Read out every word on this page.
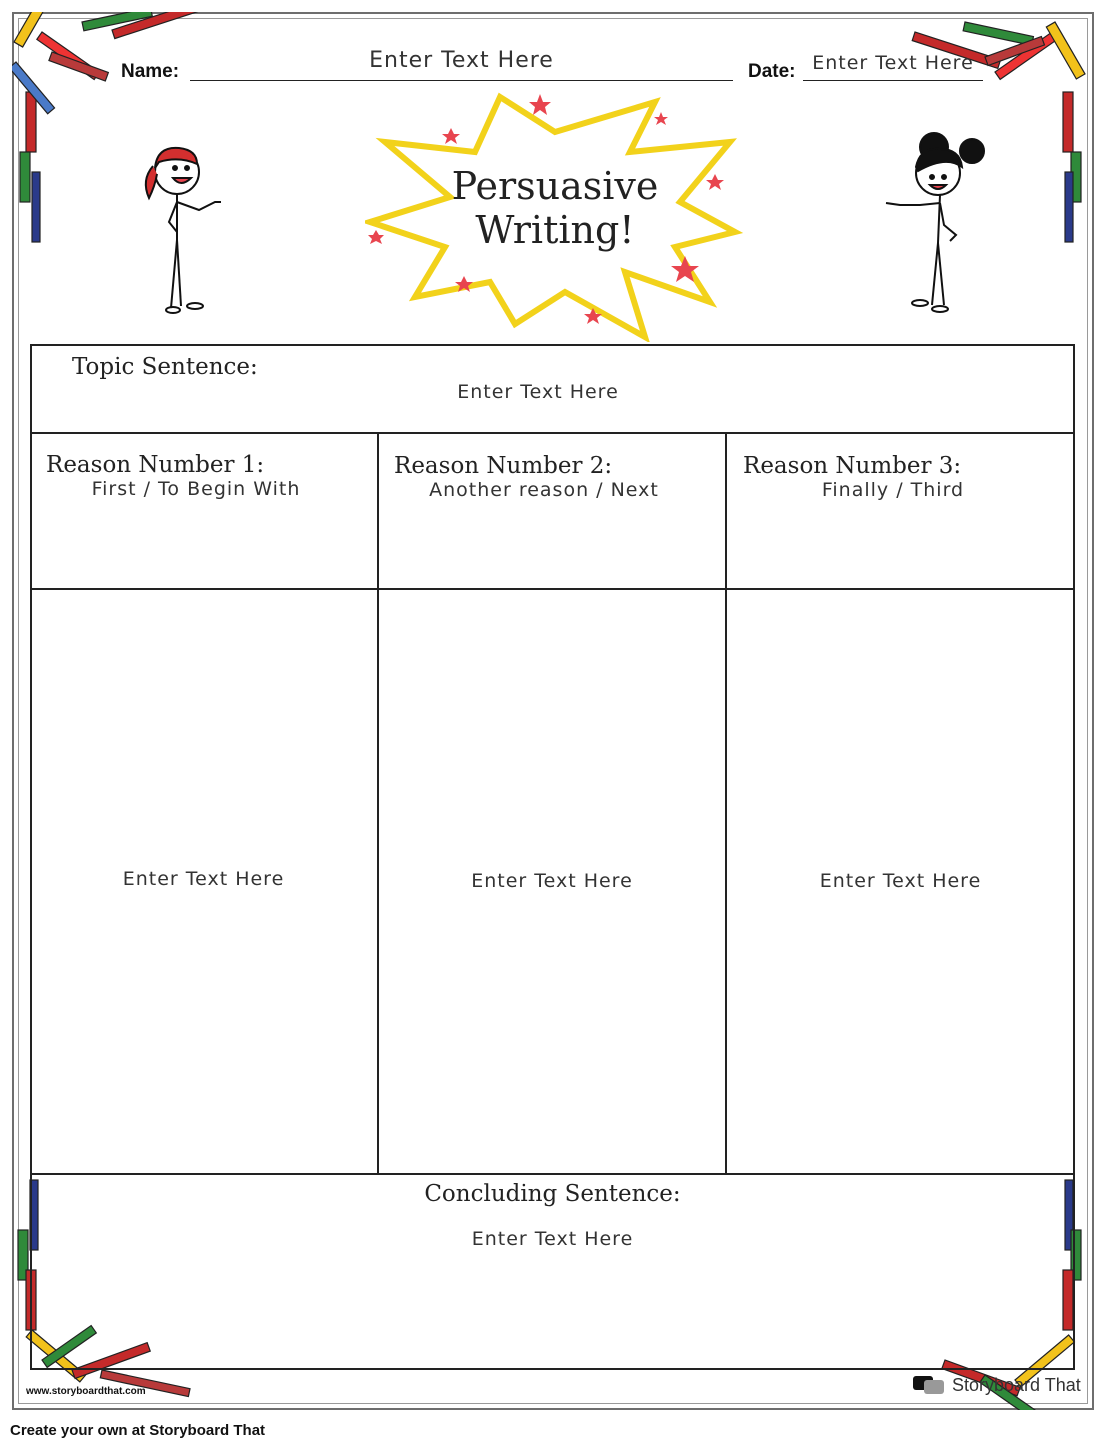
Name:	Enter Text Here	Date: Enter Text Here
Persuasive
Writing!
Topic Sentence:
Enter Text Here
Reason Number 1:
First / To Begin With
Enter Text Here
Reason Number 2:
Another reason / Next
Enter Text Here
Reason Number 3:
Finally / Third
Enter Text Here
Concluding Sentence:
Enter Text Here
www.storyboardthat.com	Storyboard That
Create your own at Storyboard That
